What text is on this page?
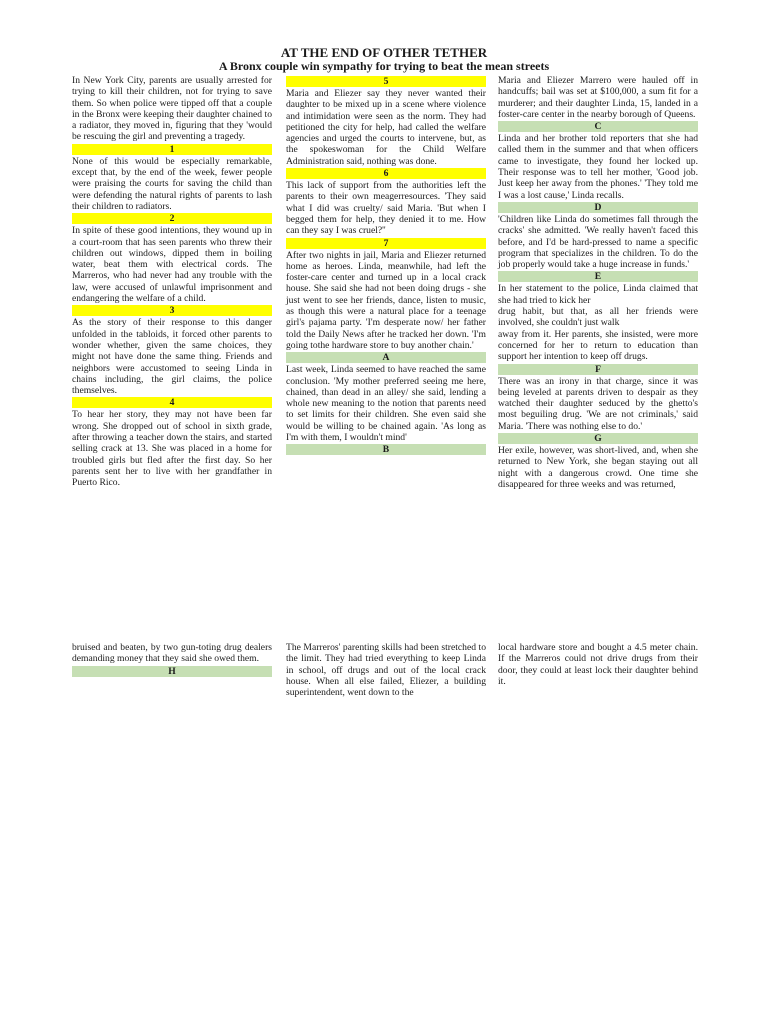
AT THE END OF OTHER TETHER
A Bronx couple win sympathy for trying to beat the mean streets

In New York City, parents are usually arrested for trying to kill their children, not for trying to save them. So when police were tipped off that a couple in the Bronx were keeping their daughter chained to a radiator, they moved in, figuring that they 'would be rescuing the girl and preventing a tragedy.

1

None of this would be especially remarkable, except that, by the end of the week, fewer people were praising the courts for saving the child than were defending the natural rights of parents to lash their children to radiators.

2

In spite of these good intentions, they wound up in a court-room that has seen parents who threw their children out windows, dipped them in boiling water, beat them with electrical cords. The Marreros, who had never had any trouble with the law, were accused of unlawful imprisonment and endangering the welfare of a child.

3

As the story of their response to this danger unfolded in the tabloids, it forced other parents to wonder whether, given the same choices, they might not have done the same thing. Friends and neighbors were accustomed to seeing Linda in chains including, the girl claims, the police themselves.

4

To hear her story, they may not have been far wrong. She dropped out of school in sixth grade, after throwing a teacher down the stairs, and started selling crack at 13. She was placed in a home for troubled girls but fled after the first day. So her parents sent her to live with her grandfather in Puerto Rico.

5

Maria and Eliezer say they never wanted their daughter to be mixed up in a scene where violence and intimidation were seen as the norm. They had petitioned the city for help, had called the welfare agencies and urged the courts to intervene, but, as the spokeswoman for the Child Welfare Administration said, nothing was done.

6

This lack of support from the authorities left the parents to their own meagerresources. 'They said what I did was cruelty/ said Maria. 'But when I begged them for help, they denied it to me. How can they say I was cruel?''

7

After two nights in jail, Maria and Eliezer returned home as heroes. Linda, meanwhile, had left the foster-care center and turned up in a local crack house. She said she had not been doing drugs - she just went to see her friends, dance, listen to music, as though this were a natural place for a teenage girl's pajama party. 'I'm desperate now/ her father told the Daily News after he tracked her down. 'I'm going tothe hardware store to buy another chain.'

A

Last week, Linda seemed to have reached the same conclusion. 'My mother preferred seeing me here, chained, than dead in an alley/ she said, lending a whole new meaning to the notion that parents need to set limits for their children. She even said she would be willing to be chained again. 'As long as I'm with them, I wouldn't mind'

B

Maria and Eliezer Marrero were hauled off in handcuffs; bail was set at $100,000, a sum fit for a murderer; and their daughter Linda, 15, landed in a foster-care center in the nearby borough of Queens.

C

Linda and her brother told reporters that she had called them in the summer and that when officers came to investigate, they found her locked up. Their response was to tell her mother, 'Good job. Just keep her away from the phones.' 'They told me I was a lost cause,' Linda recalls.

D

'Children like Linda do sometimes fall through the cracks' she admitted. 'We really haven't faced this before, and I'd be hard-pressed to name a specific program that specializes in the children. To do the job properly would take a huge increase in funds.'

E

In her statement to the police, Linda claimed that she had tried to kick her

drug habit, but that, as all her friends were involved, she couldn't just walk

away from it. Her parents, she insisted, were more concerned for her to return to education than support her intention to keep off drugs.

F

There was an irony in that charge, since it was being leveled at parents driven to despair as they watched their daughter seduced by the ghetto's most beguiling drug. 'We are not criminals,' said Maria. 'There was nothing else to do.'

G

Her exile, however, was short-lived, and, when she returned to New York, she began staying out all night with a dangerous crowd. One time she disappeared for three weeks and was returned,

bruised and beaten, by two gun-toting drug dealers demanding money that they said she owed them.

H

The Marreros' parenting skills had been stretched to the limit. They had tried everything to keep Linda in school, off drugs and out of the local crack house. When all else failed, Eliezer, a building superintendent, went down to the

local hardware store and bought a 4.5 meter chain. If the Marreros could not drive drugs from their door, they could at least lock their daughter behind it.
